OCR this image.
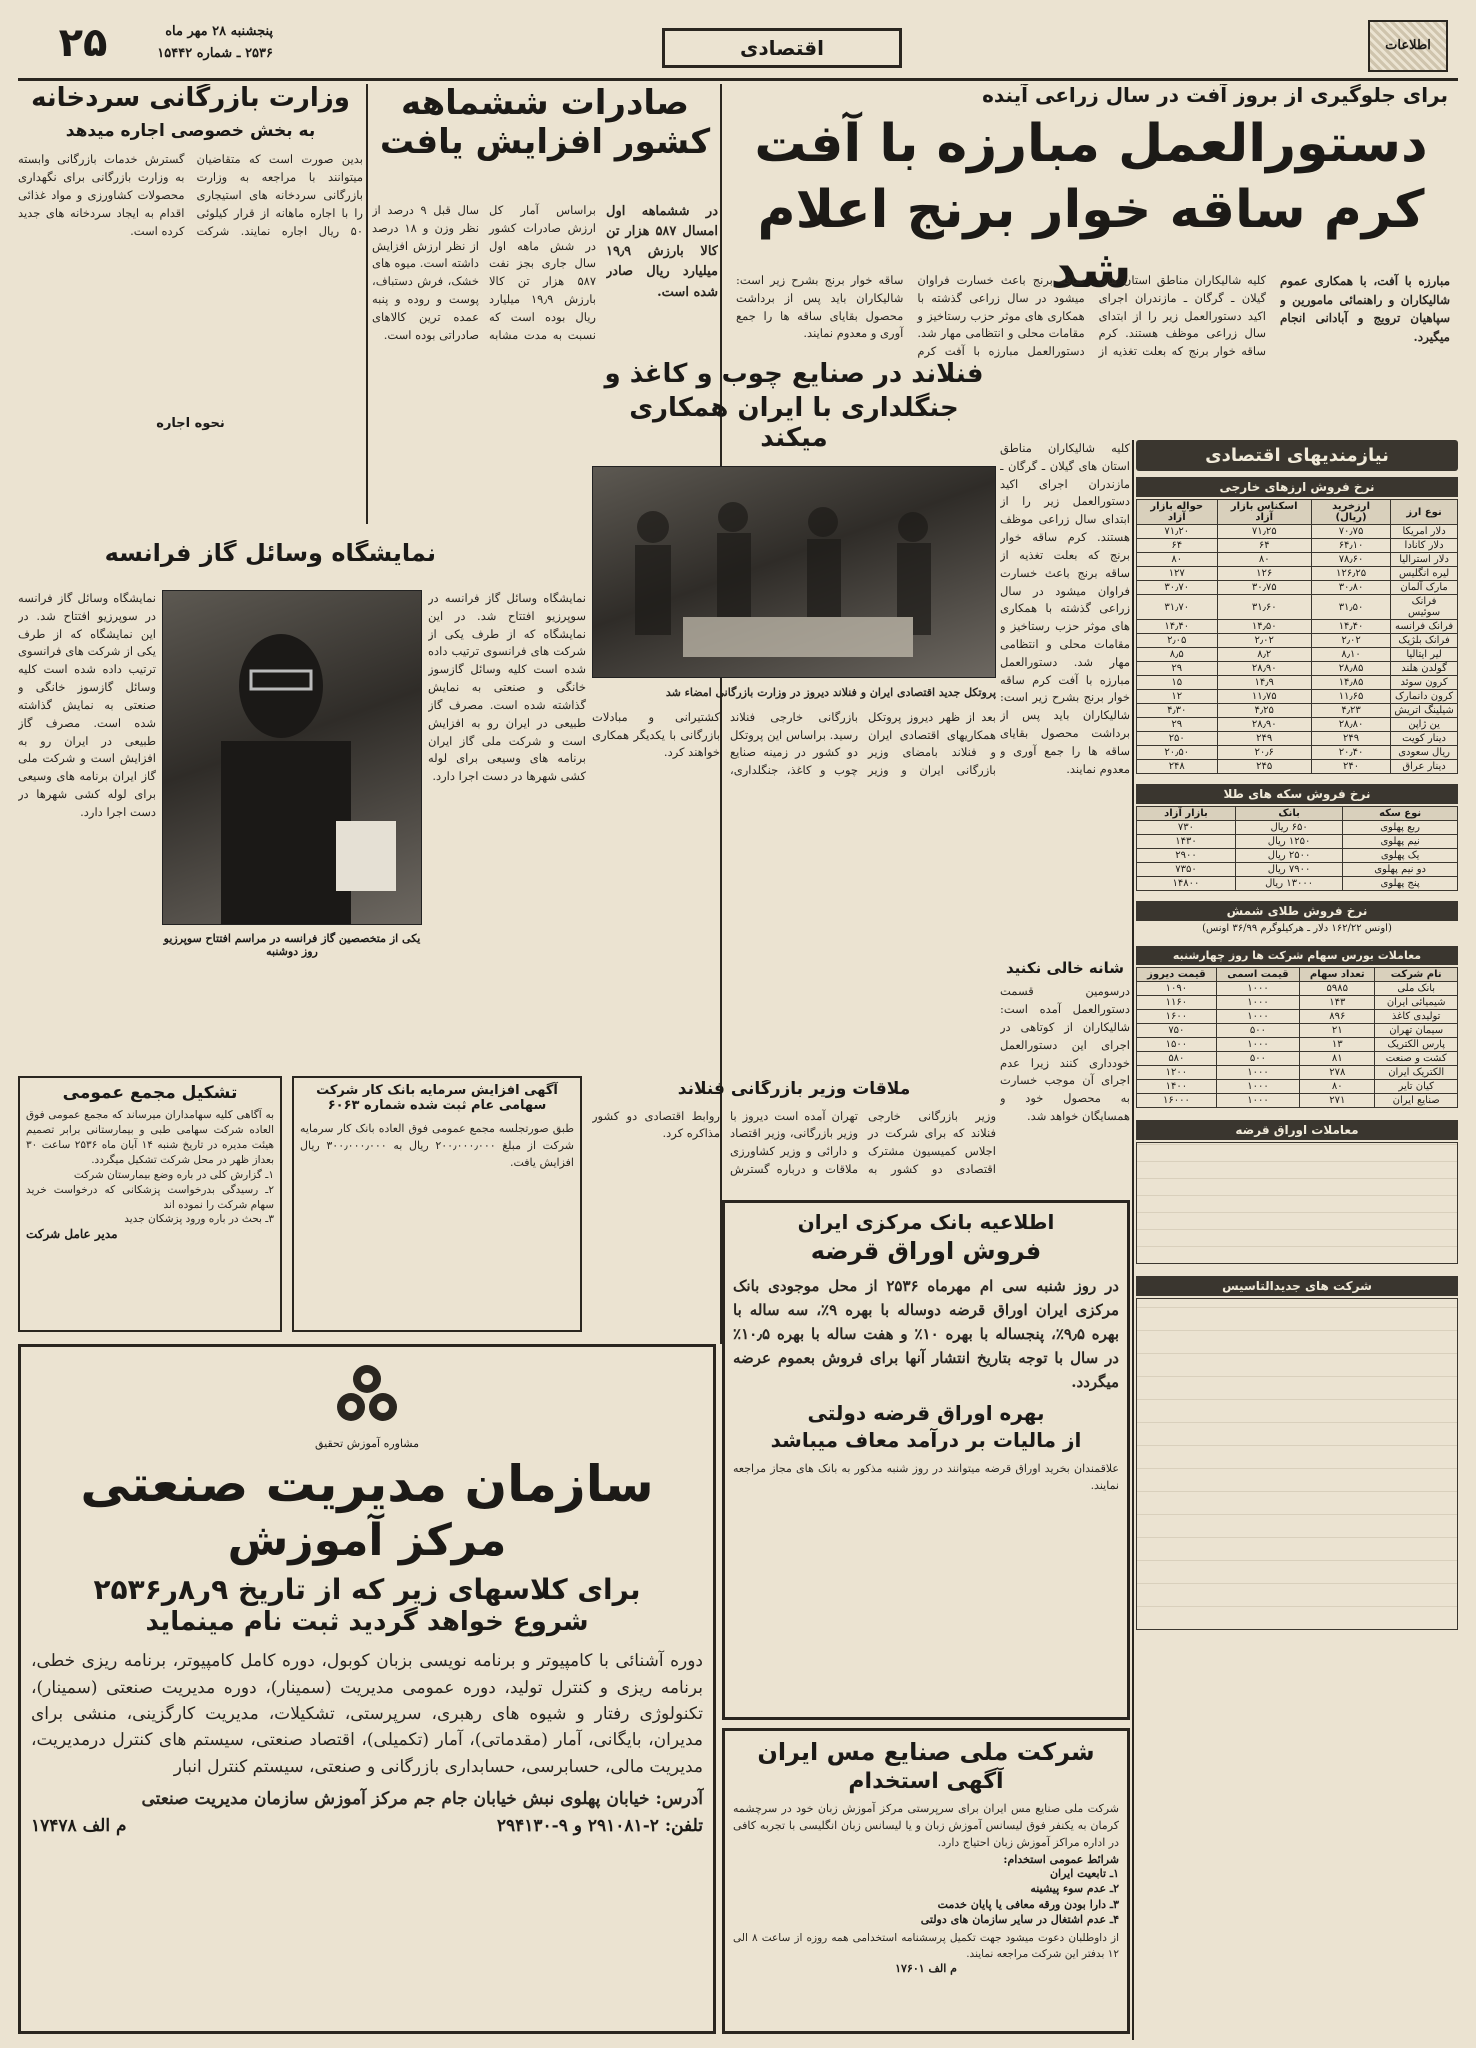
۲۵	پنجشنبه ۲۸ مهر ماه
۲۵۳۶ ـ شماره ۱۵۴۴۲	اقتصادی	اطلاعات
برای جلوگیری از بروز آفت در سال زراعی آینده
دستورالعمل مبارزه با آفت
کرم ساقه خوار برنج اعلام شد	مبارزه با آفت، با همکاری عموم شالیکاران و راهنمائی مامورین و سپاهیان ترویج و آبادانی انجام میگیرد.
کلیه شالیکاران مناطق استان های گیلان ـ گرگان ـ مازندران اجرای اکید دستورالعمل زیر را از ابتدای سال زراعی موظف هستند. کرم ساقه خوار برنج که بعلت تغذیه از ساقه برنج باعث خسارت فراوان میشود در سال زراعی گذشته با همکاری های موثر حزب رستاخیز و مقامات محلی و انتظامی مهار شد. دستورالعمل مبارزه با آفت کرم ساقه خوار برنج بشرح زیر است: شالیکاران باید پس از برداشت محصول بقایای ساقه ها را جمع آوری و معدوم نمایند.
وزارت بازرگانی سردخانه
به بخش خصوصی اجاره میدهد
بدین صورت است که متقاضیان میتوانند با مراجعه به وزارت بازرگانی سردخانه های استیجاری را با اجاره ماهانه از قرار کیلوئی ۵۰ ریال اجاره نمایند. شرکت گسترش خدمات بازرگانی وابسته به وزارت بازرگانی برای نگهداری محصولات کشاورزی و مواد غذائی اقدام به ایجاد سردخانه های جدید کرده است.
نحوه اجاره
صادرات ششماهه کشور افزایش یافت
در ششماهه اول امسال ۵۸۷ هزار تن کالا بارزش ۱۹٫۹ میلیارد ریال صادر شده است.
براساس آمار کل ارزش صادرات کشور در شش ماهه اول سال جاری بجز نفت ۵۸۷ هزار تن کالا بارزش ۱۹٫۹ میلیارد ریال بوده است که نسبت به مدت مشابه سال قبل ۹ درصد از نظر وزن و ۱۸ درصد از نظر ارزش افزایش داشته است. میوه های خشک، فرش دستباف، پوست و روده و پنبه عمده ترین کالاهای صادراتی بوده است.
فنلاند در صنایع چوب و کاغذ و
جنگلداری با ایران همکاری میکند
پروتکل جدید اقتصادی ایران و فنلاند دیروز در وزارت بازرگانی امضاء شد
بعد از ظهر دیروز پروتکل همکاریهای اقتصادی ایران و فنلاند بامضای وزیر بازرگانی ایران و وزیر بازرگانی خارجی فنلاند رسید. براساس این پروتکل دو کشور در زمینه صنایع چوب و کاغذ، جنگلداری، کشتیرانی و مبادلات بازرگانی با یکدیگر همکاری خواهند کرد.
نمایشگاه وسائل گاز فرانسه
یکی از متخصصین گاز فرانسه در مراسم افتتاح سوپرزیو روز دوشنبه
نمایشگاه وسائل گاز فرانسه در سوپرزیو افتتاح شد. در این نمایشگاه که از طرف یکی از شرکت های فرانسوی ترتیب داده شده است کلیه وسائل گازسوز خانگی و صنعتی به نمایش گذاشته شده است. مصرف گاز طبیعی در ایران رو به افزایش است و شرکت ملی گاز ایران برنامه های وسیعی برای لوله کشی شهرها در دست اجرا دارد.
نمایشگاه وسائل گاز فرانسه در سوپرزیو افتتاح شد. در این نمایشگاه که از طرف یکی از شرکت های فرانسوی ترتیب داده شده است کلیه وسائل گازسوز خانگی و صنعتی به نمایش گذاشته شده است. مصرف گاز طبیعی در ایران رو به افزایش است و شرکت ملی گاز ایران برنامه های وسیعی برای لوله کشی شهرها در دست اجرا دارد.
ملاقات وزیر بازرگانی فنلاند
وزیر بازرگانی خارجی فنلاند که برای شرکت در اجلاس کمیسیون مشترک اقتصادی دو کشور به تهران آمده است دیروز با وزیر بازرگانی، وزیر اقتصاد و دارائی و وزیر کشاورزی ملاقات و درباره گسترش روابط اقتصادی دو کشور مذاکره کرد.
شانه خالی نکنید
درسومین قسمت دستورالعمل آمده است: شالیکاران از کوتاهی در اجرای این دستورالعمل خودداری کنند زیرا عدم اجرای آن موجب خسارت به محصول خود و همسایگان خواهد شد.
کلیه شالیکاران مناطق استان های گیلان ـ گرگان ـ مازندران اجرای اکید دستورالعمل زیر را از ابتدای سال زراعی موظف هستند. کرم ساقه خوار برنج که بعلت تغذیه از ساقه برنج باعث خسارت فراوان میشود در سال زراعی گذشته با همکاری های موثر حزب رستاخیز و مقامات محلی و انتظامی مهار شد. دستورالعمل مبارزه با آفت کرم ساقه خوار برنج بشرح زیر است: شالیکاران باید پس از برداشت محصول بقایای ساقه ها را جمع آوری و معدوم نمایند.
نیازمندیهای اقتصادی
نرخ فروش ارزهای خارجی
نوع ارز	ارزخرید (ریال)	اسکناس بازار آزاد	حواله بازار آزاد
دلار امریکا	۷۰٫۷۵	۷۱٫۲۵	۷۱٫۲۰
دلار کانادا	۶۴٫۱۰	۶۴	۶۴
دلار استرالیا	۷۸٫۶۰	۸۰	۸۰
لیره انگلیس	۱۲۶٫۲۵	۱۲۶	۱۲۷
مارک آلمان	۳۰٫۸۰	۳۰٫۷۵	۳۰٫۷۰
فرانک سوئیس	۳۱٫۵۰	۳۱٫۶۰	۳۱٫۷۰
فرانک فرانسه	۱۴٫۴۰	۱۴٫۵۰	۱۴٫۴۰
فرانک بلژیک	۲٫۰۲	۲٫۰۲	۲٫۰۵
لیر ایتالیا	۸٫۱۰	۸٫۲	۸٫۵
گولدن هلند	۲۸٫۸۵	۲۸٫۹۰	۲۹
کرون سوئد	۱۴٫۸۵	۱۴٫۹	۱۵
کرون دانمارک	۱۱٫۶۵	۱۱٫۷۵	۱۲
شیلینگ اتریش	۴٫۲۳	۴٫۲۵	۴٫۳۰
ین ژاپن	۲۸٫۸۰	۲۸٫۹۰	۲۹
دینار کویت	۲۴۹	۲۴۹	۲۵۰
ریال سعودی	۲۰٫۴۰	۲۰٫۶	۲۰٫۵۰
دینار عراق	۲۴۰	۲۴۵	۲۴۸
نرخ فروش سکه های طلا
نوع سکه	بانک	بازار آزاد
ربع پهلوی	۶۵۰ ریال	۷۳۰
نیم پهلوی	۱۲۵۰ ریال	۱۴۳۰
یک پهلوی	۲۵۰۰ ریال	۲۹۰۰
دو نیم پهلوی	۷۹۰۰ ریال	۷۳۵۰
پنج پهلوی	۱۳۰۰۰ ریال	۱۴۸۰۰
نرخ فروش طلای شمش
(اونس ۱۶۲/۲۲ دلار ـ هرکیلوگرم ۳۶/۹۹ اونس)
معاملات بورس سهام شرکت ها روز چهارشنبه
نام شرکت	تعداد سهام	قیمت اسمی	قیمت دیروز
بانک ملی	۵۹۸۵	۱۰۰۰	۱۰۹۰
شیمیائی ایران	۱۴۳	۱۰۰۰	۱۱۶۰
تولیدی کاغذ	۸۹۶	۱۰۰۰	۱۶۰۰
سیمان تهران	۲۱	۵۰۰	۷۵۰
پارس الکتریک	۱۳	۱۰۰۰	۱۵۰۰
کشت و صنعت	۸۱	۵۰۰	۵۸۰
الکتریک ایران	۲۷۸	۱۰۰۰	۱۲۰۰
کیان تایر	۸۰	۱۰۰۰	۱۴۰۰
صنایع ایران	۲۷۱	۱۰۰۰	۱۶۰۰۰
معاملات اوراق قرضه
شرکت های جدیدالتاسیس
تشکیل مجمع عمومی
به آگاهی کلیه سهامداران میرساند که مجمع عمومی فوق العاده شرکت سهامی طبی و بیمارستانی برابر تصمیم هیئت مدیره در تاریخ شنبه ۱۴ آبان ماه ۲۵۳۶ ساعت ۳۰ بعداز ظهر در محل شرکت تشکیل میگردد.
۱ـ گزارش کلی در باره وضع بیمارستان شرکت
۲ـ رسیدگی بدرخواست پزشکانی که درخواست خرید سهام شرکت را نموده اند
۳ـ بحث در باره ورود پزشکان جدید
مدیر عامل شرکت
آگهی افزایش سرمایه بانک کار شرکت سهامی عام ثبت شده شماره ۶۰۶۳
طبق صورتجلسه مجمع عمومی فوق العاده بانک کار سرمایه شرکت از مبلغ ۲۰۰٫۰۰۰٫۰۰۰ ریال به ۳۰۰٫۰۰۰٫۰۰۰ ریال افزایش یافت.
اطلاعیه بانک مرکزی ایران
فروش اوراق قرضه
در روز شنبه سی ام مهرماه ۲۵۳۶ از محل موجودی بانک مرکزی ایران اوراق قرضه دوساله با بهره ۹٪، سه ساله با بهره ۹٫۵٪، پنجساله با بهره ۱۰٪ و هفت ساله با بهره ۱۰٫۵٪ در سال با توجه بتاریخ انتشار آنها برای فروش بعموم عرضه میگردد.
بهره اوراق قرضه دولتی
از مالیات بر درآمد معاف میباشد
علاقمندان بخرید اوراق قرضه میتوانند در روز شنبه مذکور به بانک های مجاز مراجعه نمایند.
مشاوره آموزش تحقیق
سازمان مدیریت صنعتی
مرکز آموزش
برای کلاسهای زیر که از تاریخ ۹ر۸ر۲۵۳۶
شروع خواهد گردید ثبت نام مینماید
دوره آشنائی با کامپیوتر و برنامه نویسی بزبان کوبول، دوره کامل کامپیوتر، برنامه ریزی خطی، برنامه ریزی و کنترل تولید، دوره عمومی مدیریت (سمینار)، دوره مدیریت صنعتی (سمینار)، تکنولوژی رفتار و شیوه های رهبری، سرپرستی، تشکیلات، مدیریت کارگزینی، منشی برای مدیران، بایگانی، آمار (مقدماتی)، آمار (تکمیلی)، اقتصاد صنعتی، سیستم های کنترل درمدیریت، مدیریت مالی، حسابرسی، حسابداری بازرگانی و صنعتی، سیستم کنترل انبار
آدرس: خیابان پهلوی نبش خیابان جام جم مرکز آموزش سازمان مدیریت صنعتی
تلفن: ۲-۲۹۱۰۸۱ و ۹-۲۹۴۱۳۰
م الف ۱۷۴۷۸
شرکت ملی صنایع مس ایران
آگهی استخدام
شرکت ملی صنایع مس ایران برای سرپرستی مرکز آموزش زبان خود در سرچشمه کرمان به یکنفر فوق لیسانس آموزش زبان و یا لیسانس زبان انگلیسی با تجربه کافی در اداره مراکز آموزش زبان احتیاج دارد.
شرائط عمومی استخدام:
۱ـ تابعیت ایران
۲ـ عدم سوء پیشینه
۳ـ دارا بودن ورقه معافی یا پایان خدمت
۴ـ عدم اشتغال در سایر سازمان های دولتی
از داوطلبان دعوت میشود جهت تکمیل پرسشنامه استخدامی همه روزه از ساعت ۸ الی ۱۲ بدفتر این شرکت مراجعه نمایند.
م الف ۱۷۶۰۱
